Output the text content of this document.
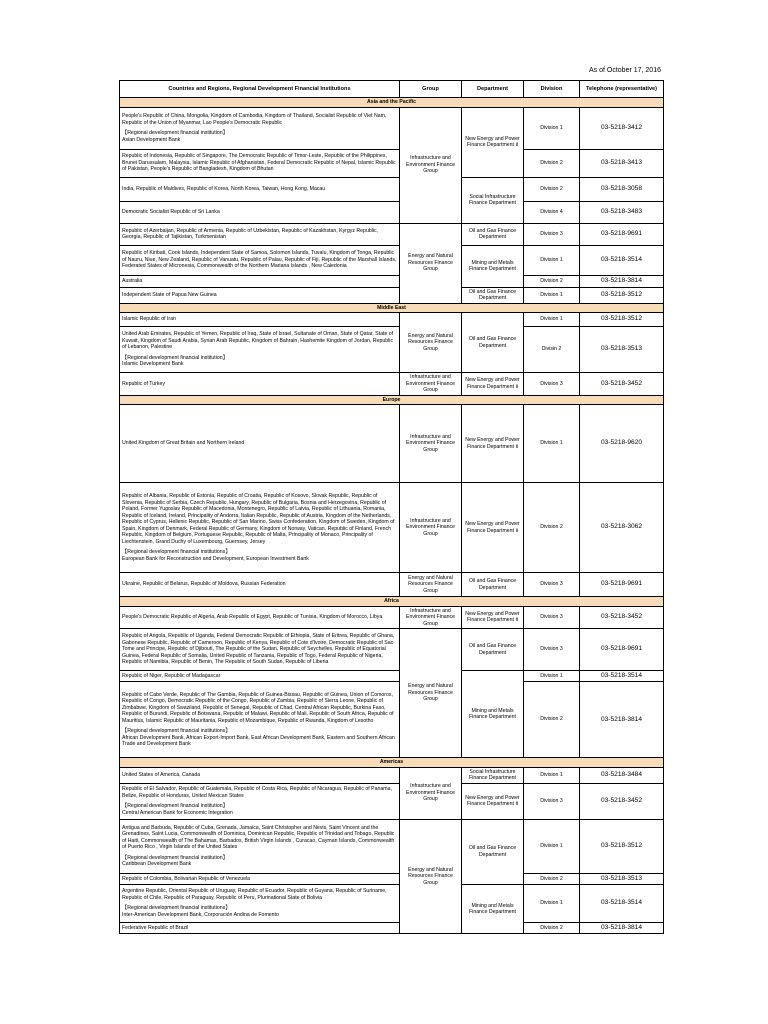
As of October 17, 2016
Countries and Regions, Regional Development Financial Institutions	Group	Department	Division	Telephone (representative)
Asia and the Pacific				

People's Republic of China, Mongolia, Kingdom of Cambodia, Kingdom of Thailand, Socialist Republic of Viet Nam, Republic of the Union of Myanmar, Lao People's Democratic Republic
【Regional development financial institution】
Asian Development Bank	Infrastructure and Environment Finance Group	New Energy and Power Finance Department Ⅱ	Division 1	03-5218-3412
Republic of Indonesia, Republic of Singapore, The Democratic Republic of Timor-Leste, Republic of the Philippines, Brunei Darussalam, Malaysia, Islamic Republic of Afghanistan, Federal Democratic Republic of Nepal, Islamic Republic of Pakistan, People's Republic of Bangladesh, Kingdom of Bhutan			Division 2	03-5218-3413
India, Republic of Maldives, Republic of Korea, North Korea, Taiwan, Hong Kong, Macau		Social Infrastructure Finance Department	Division 2	03-5218-3058
Democratic Socialist Republic of Sri Lanka			Division 4	03-5218-3483
Republic of Azerbaijan, Republic of Armenia, Republic of Uzbekistan, Republic of Kazakhstan, Kyrgyz Republic, Georgia, Republic of Tajikistan, Turkmenistan	Energy and Natural Resources Finance Group	Oil and Gas Finance Department	Division 3	03-5218-9691
Republic of Kiribati, Cook Islands, Independent State of Samoa, Solomon Islands, Tuvalu, Kingdom of Tonga, Republic of Nauru, Niue, New Zealand, Republic of Vanuatu, Republic of Palau, Republic of Fiji, Republic of the Marshall Islands, Federated States of Micronesia, Commonwealth of the Northern Mariana Islands , New Caledonia		Mining and Metals Finance Department	Division 1	03-5218-3514
Australia			Division 2	03-5218-3814
Independent State of Papua New Guinea		Oil and Gas Finance Department	Division 1	03-5218-3512
Middle East				
Islamic Republic of Iran	Energy and Natural Resources Finance Group	Oil and Gas Finance Department	Division 1	03-5218-3512

United Arab Emirates, Republic of Yemen, Republic of Iraq, State of Israel, Sultanate of Oman, State of Qatar, State of Kuwait, Kingdom of Saudi Arabia, Syrian Arab Republic, Kingdom of Bahrain, Hashemite Kingdom of Jordan, Republic of Lebanon, Palestine
【Regional development financial institution】
Islamic Development Bank			Divisin 2	03-5218-3513
Republic of Turkey	Infrastructure and Environment Finance Group	New Energy and Power Finance Department Ⅱ	Division 3	03-5218-3452
Europe				
United Kingdom of Great Britain and Northern Ireland	Infrastructure and Environment Finance Group	New Energy and Power Finance Department Ⅱ	Division 1	03-5218-9620

Republic of Albania, Republic of Estonia, Republic of Croatia, Republic of Kosovo, Slovak Republic, Republic of Slovenia, Republic of Serbia, Czech Republic, Hungary, Republic of Bulgaria, Bosnia and Herzegovina, Republic of Poland, Former Yugoslav Republic of Macedonia, Montenegro, Republic of Latvia, Republic of Lithuania, Romania, Republic of Iceland, Ireland, Principality of Andorra, Italian Republic, Republic of Austria, Kingdom of the Netherlands, Republic of Cyprus, Hellenic Republic, Republic of San Marino, Swiss Confederation, Kingdom of Sweden, Kingdom of Spain, Kingdom of Denmark, Federal Republic of Germany, Kingdom of Norway, Vatican, Republic of Finland, French Republic, Kingdom of Belgium, Portuguese Republic, Republic of Malta, Principality of Monaco, Principality of Liechtenstein, Grand Duchy of Luxembourg, Guernsey, Jersey
【Regional development financial institutions】
European Bank for Reconstruction and Development, European Investment Bank	Infrastructure and Environment Finance Group	New Energy and Power Finance Department Ⅱ	Division 2	03-5218-3062
Ukraine, Republic of Belarus, Republic of Moldova, Russian Federation	Energy and Natural Resources Finance Group	Oil and Gas Finance Department	Division 3	03-5218-9691
Africa				
People's Democratic Republic of Algeria, Arab Republic of Egypt, Republic of Tunisia, Kingdom of Morocco, Libya	Infrastructure and Environment Finance Group	New Energy and Power Finance Department Ⅱ	Division 3	03-5218-3452
Republic of Angola, Republic of Uganda, Federal Democratic Republic of Ethiopia, State of Eritrea, Republic of Ghana, Gabonese Republic, Republic of Cameroon, Republic of Kenya, Republic of Cote d'Ivoire, Democratic Republic of Sao Tome and Principe, Republic of Djibouti, The Republic of the Sudan, Republic of Seychelles, Republic of Equatorial Guinea, Federal Republic of Somalia, United Republic of Tanzania, Republic of Togo, Federal Republic of Nigeria, Republic of Namibia, Republic of Benin, The Republic of South Sudan, Republic of Liberia	Energy and Natural Resources Finance Group	Oil and Gas Finance Department	Division 3	03-5218-9691
Republic of Niger, Republic of Madagascar		Mining and Metals Finance Department	Division 1	03-5218-3514

Republic of Cabo Verde, Republic of The Gambia, Republic of Guinea-Bissau, Republic of Guinea, Union of Comoros, Republic of Congo, Democratic Republic of the Congo, Republic of Zambia, Republic of Sierra Leone, Republic of Zimbabwe, Kingdom of Swaziland, Republic of Senegal, Republic of Chad, Central African Republic, Burkina Faso, Republic of Burundi, Republic of Botswana, Republic of Malawi, Republic of Mali, Republic of South Africa, Republic of Mauritius, Islamic Republic of Mauritania, Republic of Mozambique, Republic of Rwanda, Kingdom of Lesotho
【Regional development financial institutions】
African Development Bank, African Export-Import Bank, East African Development Bank, Eastern and Southern African Trade and Development Bank			Division 2	03-5218-3814
Americas				
United States of America, Canada	Infrastructure and Environment Finance Group	Social Infrastructure Finance Department	Division 1	03-5218-3484

Republic of El Salvador, Republic of Guatemala, Republic of Costa Rica, Republic of Nicaragua, Republic of Panama, Belize, Republic of Honduras, United Mexican States
【Regional development financial institution】
Central American Bank for Economic Integration		New Energy and Power Finance Department Ⅱ	Division 3	03-5218-3452

Antigua and Barbuda, Republic of Cuba, Grenada, Jamaica, Saint Christopher and Nevis, Saint Vincent and the Grenadines, Saint Lucia, Commonwealth of Dominica, Dominican Republic, Republic of Trinidad and Tobago, Republic of Haiti, Commonwealth of The Bahamas, Barbados, British Virgin Islands , Curacao, Cayman Islands, Commonwealth of Puerto Rico , Virgin Islands of the United States
【Regional development financial institution】
Caribbean Development Bank	Energy and Natural Resources Finance Group	Oil and Gas Finance Department	Division 1	03-5218-3512
Republic of Colombia, Bolivarian Republic of Venezuela			Division 2	03-5218-3513

Argentine Republic, Oriental Republic of Uruguay, Republic of Ecuador, Republic of Guyana, Republic of Suriname, Republic of Chile, Republic of Paraguay, Republic of Peru, Plurinational State of Bolivia
【Regional development financial institutions】
Inter-American Development Bank, Corporación Andina de Fomento		Mining and Metals Finance Department	Division 1	03-5218-3514
Federative Republic of Brazil			Division 2	03-5218-3814
